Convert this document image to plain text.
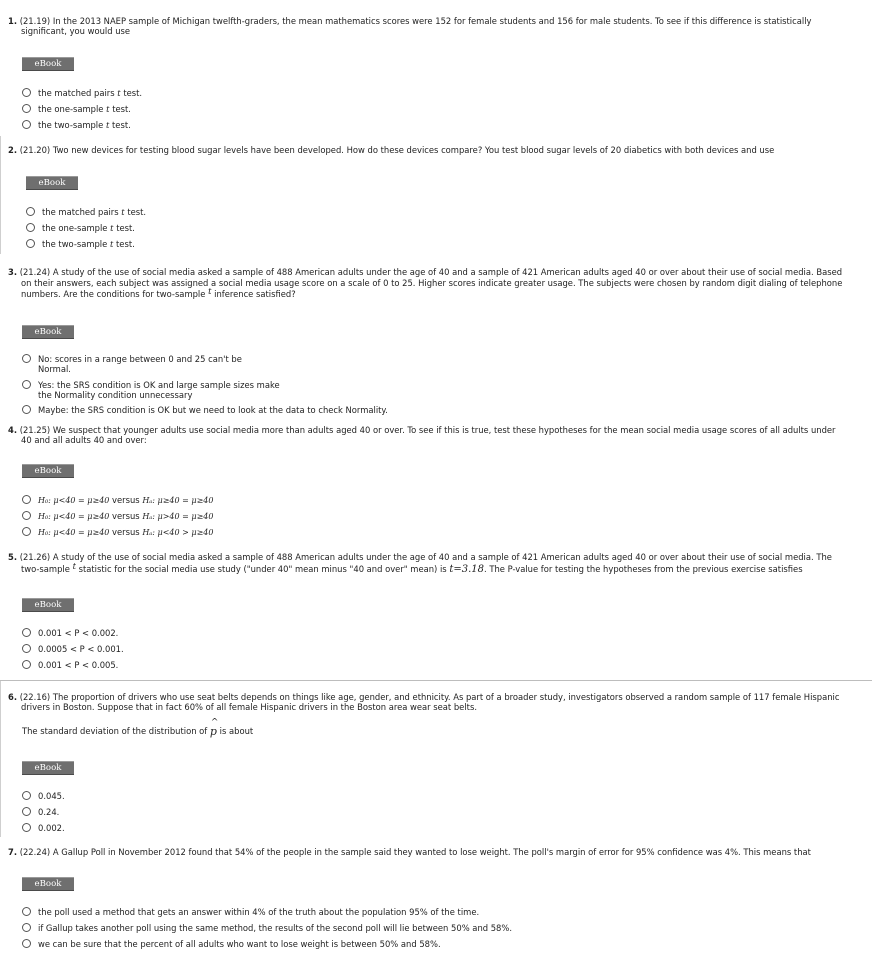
1. (21.19) In the 2013 NAEP sample of Michigan twelfth-graders, the mean mathematics scores were 152 for female students and 156 for male students. To see if this difference is statistically
significant, you would use
eBook
the matched pairs t test.
the one-sample t test.
the two-sample t test.
2. (21.20) Two new devices for testing blood sugar levels have been developed. How do these devices compare? You test blood sugar levels of 20 diabetics with both devices and use
eBook
the matched pairs t test.
the one-sample t test.
the two-sample t test.
3. (21.24) A study of the use of social media asked a sample of 488 American adults under the age of 40 and a sample of 421 American adults aged 40 or over about their use of social media. Based
on their answers, each subject was assigned a social media usage score on a scale of 0 to 25. Higher scores indicate greater usage. The subjects were chosen by random digit dialing of telephone
numbers. Are the conditions for two-sample t inference satisfied?
eBook
No: scores in a range between 0 and 25 can't be
Normal.
Yes: the SRS condition is OK and large sample sizes make
the Normality condition unnecessary
Maybe: the SRS condition is OK but we need to look at the data to check Normality.
4. (21.25) We suspect that younger adults use social media more than adults aged 40 or over. To see if this is true, test these hypotheses for the mean social media usage scores of all adults under
40 and all adults 40 and over:
eBook
H₀: μ<40 = μ≥40 versus Hₐ: μ≥40 = μ≥40
H₀: μ<40 = μ≥40 versus Hₐ: μ>40 = μ≥40
H₀: μ<40 = μ≥40 versus Hₐ: μ<40 > μ≥40
5. (21.26) A study of the use of social media asked a sample of 488 American adults under the age of 40 and a sample of 421 American adults aged 40 or over about their use of social media. The
two-sample t statistic for the social media use study ("under 40" mean minus "40 and over" mean) is t=3.18. The P-value for testing the hypotheses from the previous exercise satisfies
eBook
0.001 < P < 0.002.
0.0005 < P < 0.001.
0.001 < P < 0.005.
6. (22.16) The proportion of drivers who use seat belts depends on things like age, gender, and ethnicity. As part of a broader study, investigators observed a random sample of 117 female Hispanic
drivers in Boston. Suppose that in fact 60% of all female Hispanic drivers in the Boston area wear seat belts.
The standard deviation of the distribution of ^ p is about
eBook
0.045.
0.24.
0.002.
7. (22.24) A Gallup Poll in November 2012 found that 54% of the people in the sample said they wanted to lose weight. The poll's margin of error for 95% confidence was 4%. This means that
eBook
the poll used a method that gets an answer within 4% of the truth about the population 95% of the time.
if Gallup takes another poll using the same method, the results of the second poll will lie between 50% and 58%.
we can be sure that the percent of all adults who want to lose weight is between 50% and 58%.
